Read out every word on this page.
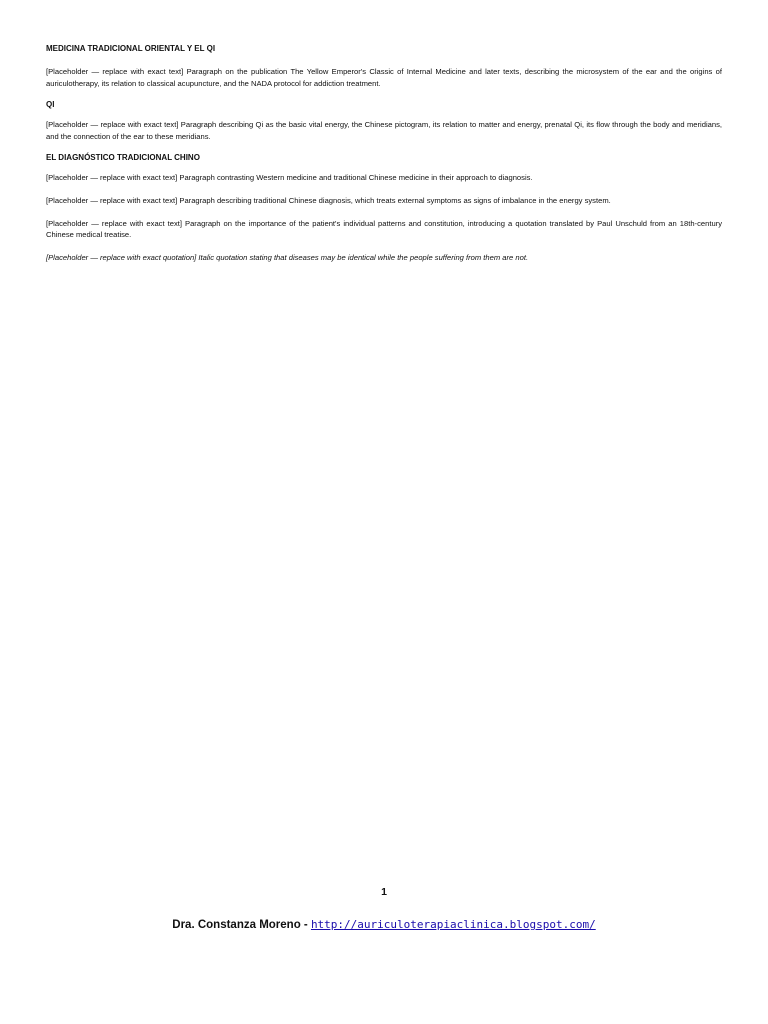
MEDICINA TRADICIONAL ORIENTAL Y EL QI

[Placeholder — replace with exact text] Paragraph on the publication The Yellow Emperor's Classic of Internal Medicine and later texts, describing the microsystem of the ear and the origins of auriculotherapy, its relation to classical acupuncture, and the NADA protocol for addiction treatment.

QI

[Placeholder — replace with exact text] Paragraph describing Qi as the basic vital energy, the Chinese pictogram, its relation to matter and energy, prenatal Qi, its flow through the body and meridians, and the connection of the ear to these meridians.

EL DIAGNÓSTICO TRADICIONAL CHINO

[Placeholder — replace with exact text] Paragraph contrasting Western medicine and traditional Chinese medicine in their approach to diagnosis.

[Placeholder — replace with exact text] Paragraph describing traditional Chinese diagnosis, which treats external symptoms as signs of imbalance in the energy system.

[Placeholder — replace with exact text] Paragraph on the importance of the patient's individual patterns and constitution, introducing a quotation translated by Paul Unschuld from an 18th-century Chinese medical treatise.

[Placeholder — replace with exact quotation] Italic quotation stating that diseases may be identical while the people suffering from them are not.

1
Dra. Constanza Moreno - http://auriculoterapiaclinica.blogspot.com/
